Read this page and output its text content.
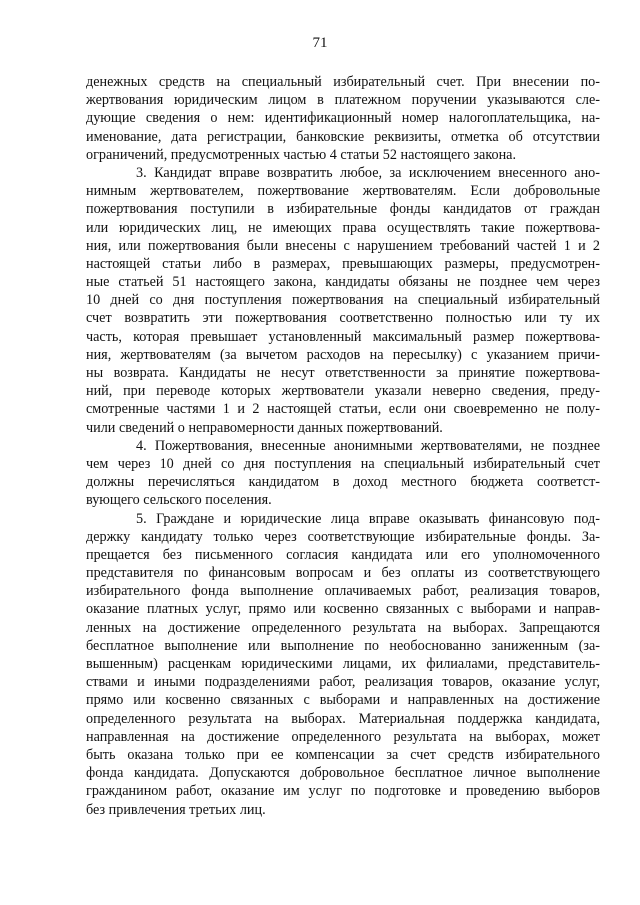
71
денежных средств на специальный избирательный счет. При внесении по-
жертвования юридическим лицом в платежном поручении указываются сле-
дующие сведения о нем: идентификационный номер налогоплательщика, на-
именование, дата регистрации, банковские реквизиты, отметка об отсутствии
ограничений, предусмотренных частью 4 статьи 52 настоящего закона.
3. Кандидат вправе возвратить любое, за исключением внесенного ано-
нимным жертвователем, пожертвование жертвователям. Если добровольные
пожертвования поступили в избирательные фонды кандидатов от граждан
или юридических лиц, не имеющих права осуществлять такие пожертвова-
ния, или пожертвования были внесены с нарушением требований частей 1 и 2
настоящей статьи либо в размерах, превышающих размеры, предусмотрен-
ные статьей 51 настоящего закона, кандидаты обязаны не позднее чем через
10 дней со дня поступления пожертвования на специальный избирательный
счет возвратить эти пожертвования соответственно полностью или ту их
часть, которая превышает установленный максимальный размер пожертвова-
ния, жертвователям (за вычетом расходов на пересылку) с указанием причи-
ны возврата. Кандидаты не несут ответственности за принятие пожертвова-
ний, при переводе которых жертвователи указали неверно сведения, преду-
смотренные частями 1 и 2 настоящей статьи, если они своевременно не полу-
чили сведений о неправомерности данных пожертвований.
4. Пожертвования, внесенные анонимными жертвователями, не позднее
чем через 10 дней со дня поступления на специальный избирательный счет
должны перечисляться кандидатом в доход местного бюджета соответст-
вующего сельского поселения.
5. Граждане и юридические лица вправе оказывать финансовую под-
держку кандидату только через соответствующие избирательные фонды. За-
прещается без письменного согласия кандидата или его уполномоченного
представителя по финансовым вопросам и без оплаты из соответствующего
избирательного фонда выполнение оплачиваемых работ, реализация товаров,
оказание платных услуг, прямо или косвенно связанных с выборами и направ-
ленных на достижение определенного результата на выборах. Запрещаются
бесплатное выполнение или выполнение по необоснованно заниженным (за-
вышенным) расценкам юридическими лицами, их филиалами, представитель-
ствами и иными подразделениями работ, реализация товаров, оказание услуг,
прямо или косвенно связанных с выборами и направленных на достижение
определенного результата на выборах. Материальная поддержка кандидата,
направленная на достижение определенного результата на выборах, может
быть оказана только при ее компенсации за счет средств избирательного
фонда кандидата. Допускаются добровольное бесплатное личное выполнение
гражданином работ, оказание им услуг по подготовке и проведению выборов
без привлечения третьих лиц.
